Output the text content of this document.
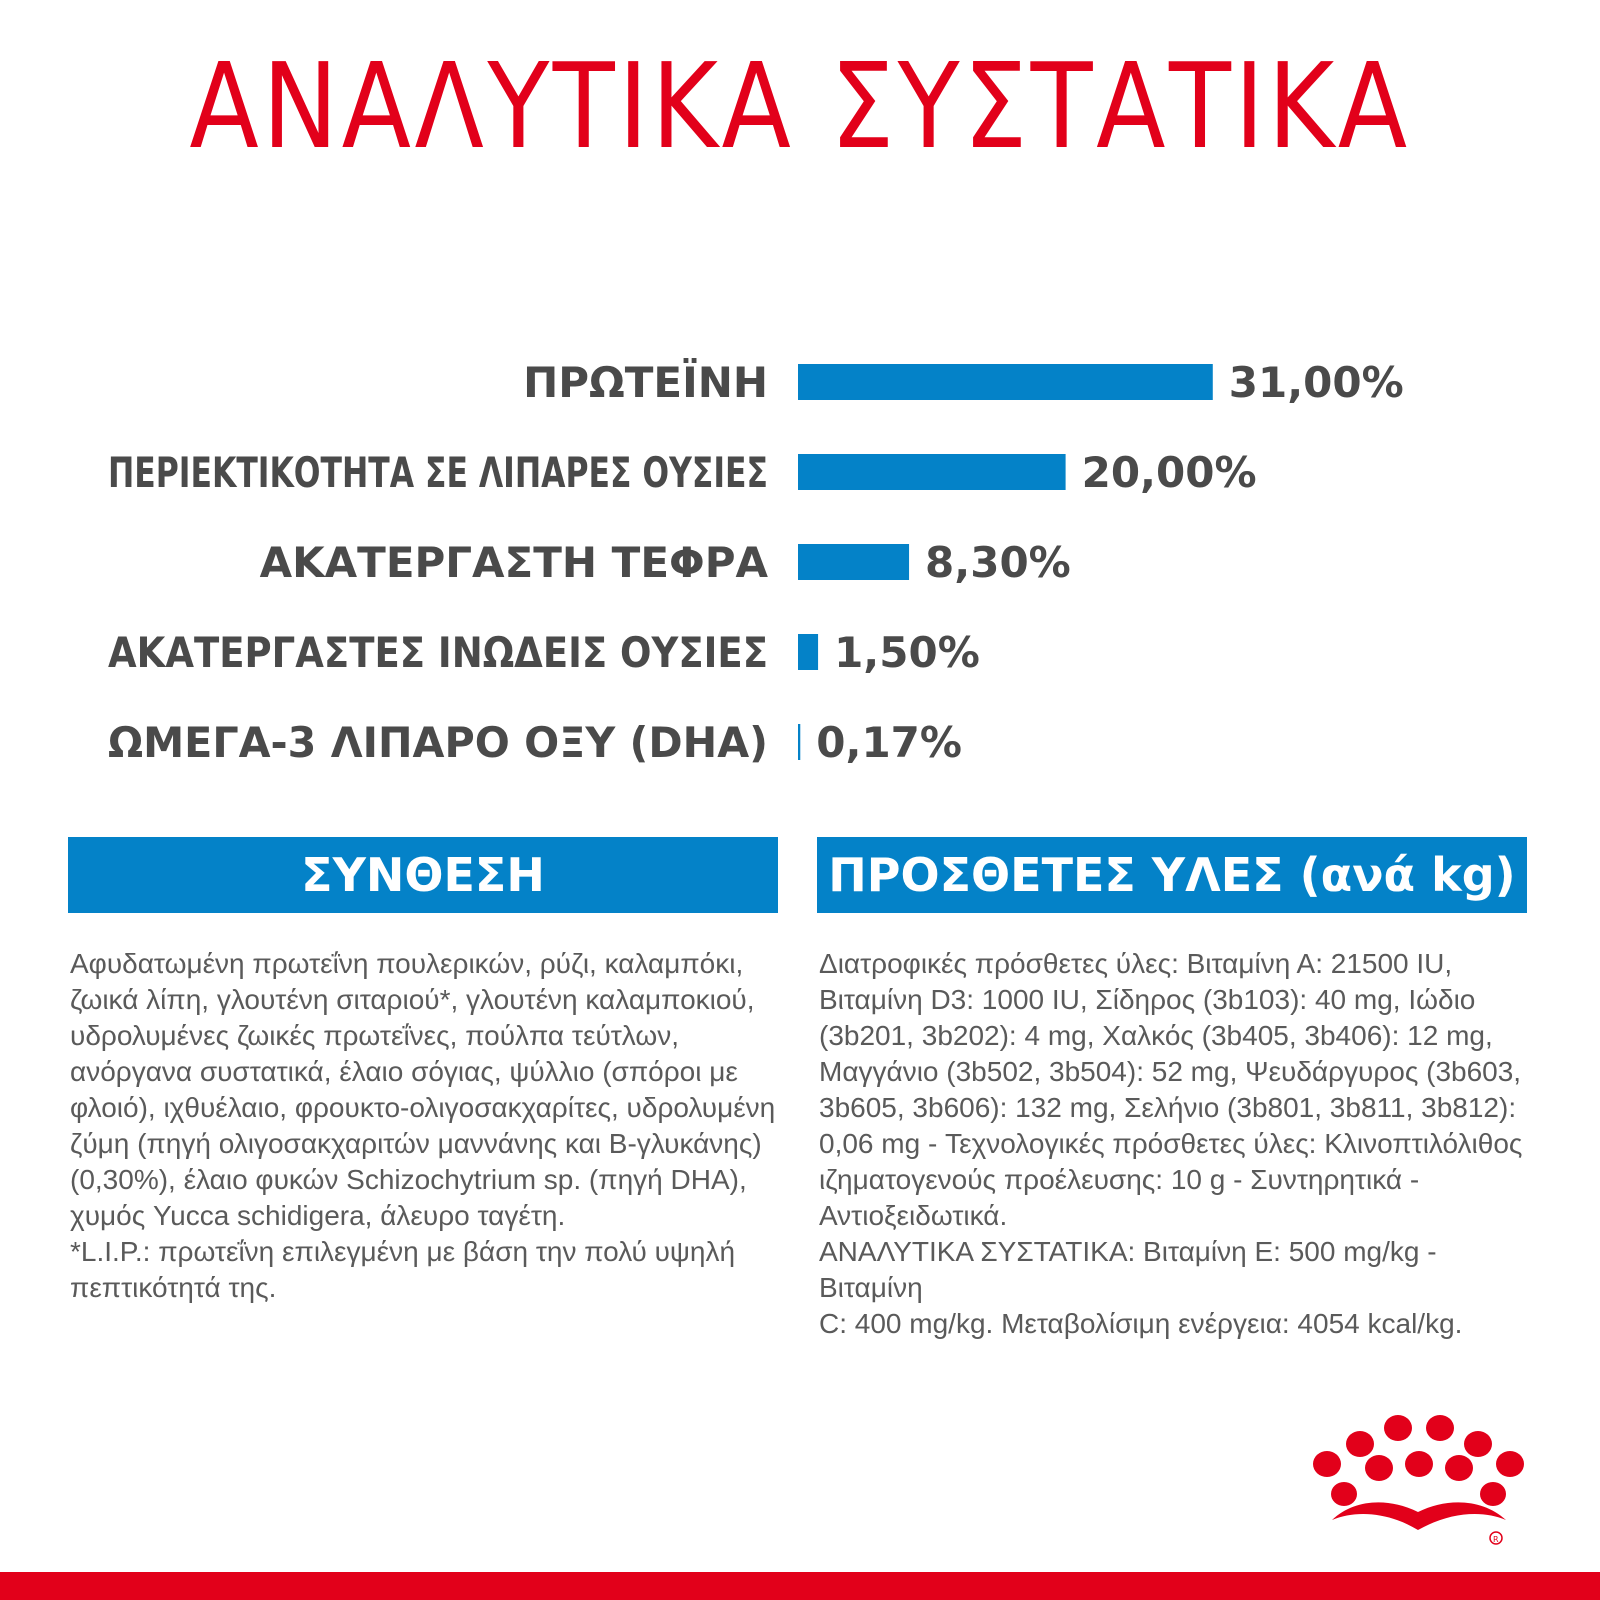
ΑΝΑΛΥΤΙΚΑ ΣΥΣΤΑΤΙΚΑ
ΠΡΩΤΕΪΝΗ	31,00%
ΠΕΡΙΕΚΤΙΚΟΤΗΤΑ ΣΕ ΛΙΠΑΡΕΣ ΟΥΣΙΕΣ	20,00%
ΑΚΑΤΕΡΓΑΣΤΗ ΤΕΦΡΑ	8,30%
ΑΚΑΤΕΡΓΑΣΤΕΣ ΙΝΩΔΕΙΣ ΟΥΣΙΕΣ 1,50%
ΩΜΕΓΑ-3 ΛΙΠΑΡΟ ΟΞΥ (DHA) 0,17%
ΣΥΝΘΕΣΗ	ΠΡΟΣΘΕΤΕΣ ΥΛΕΣ (ανά kg)
Αφυδατωμένη πρωτεΐνη πουλερικών, ρύζι, καλαμπόκι,
ζωικά λίπη, γλουτένη σιταριού*, γλουτένη καλαμποκιού,
υδρολυμένες ζωικές πρωτεΐνες, πούλπα τεύτλων,
ανόργανα συστατικά, έλαιο σόγιας, ψύλλιο (σπόροι με
φλοιό), ιχθυέλαιο, φρουκτο-ολιγοσακχαρίτες, υδρολυμένη
ζύμη (πηγή ολιγοσακχαριτών μαννάνης και Β-γλυκάνης)
(0,30%), έλαιο φυκών Schizochytrium sp. (πηγή DHA),
χυμός Yucca schidigera, άλευρο ταγέτη.
*L.I.P.: πρωτεΐνη επιλεγμένη με βάση την πολύ υψηλή
πεπτικότητά της.
Διατροφικές πρόσθετες ύλες: Βιταμίνη Α: 21500 IU,
Βιταμίνη D3: 1000 IU, Σίδηρος (3b103): 40 mg, Ιώδιο
(3b201, 3b202): 4 mg, Χαλκός (3b405, 3b406): 12 mg,
Μαγγάνιο (3b502, 3b504): 52 mg, Ψευδάργυρος (3b603,
3b605, 3b606): 132 mg, Σελήνιο (3b801, 3b811, 3b812):
0,06 mg - Τεχνολογικές πρόσθετες ύλες: Κλινοπτιλόλιθος
ιζηματογενούς προέλευσης: 10 g - Συντηρητικά -
Αντιοξειδωτικά.
ΑΝΑΛΥΤΙΚΑ ΣΥΣΤΑΤΙΚΑ: Βιταμίνη Ε: 500 mg/kg - Βιταμίνη
C: 400 mg/kg. Μεταβολίσιμη ενέργεια: 4054 kcal/kg.
R
